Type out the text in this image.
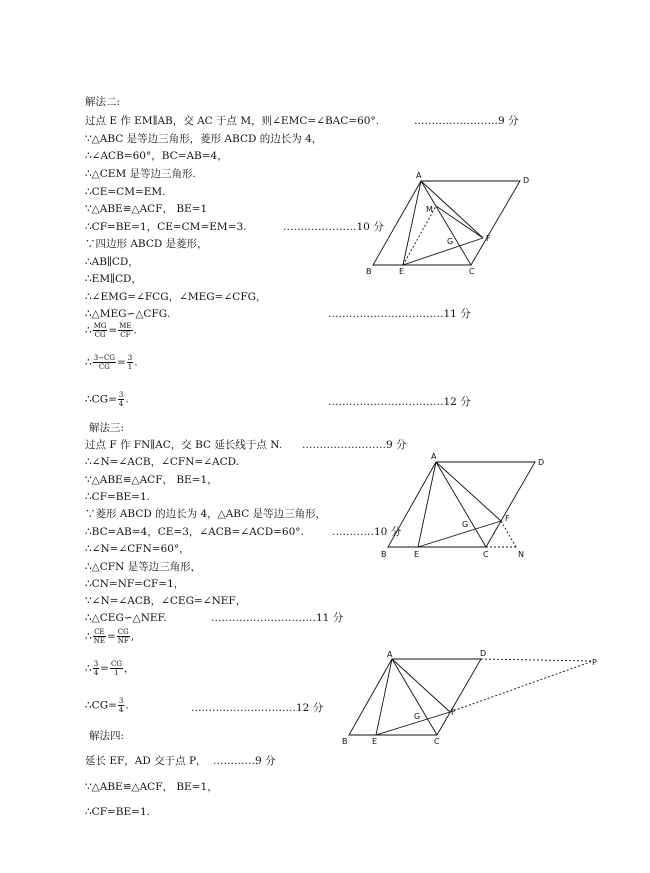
解法二:
过点 E 作 EM∥AB，交 AC 于点 M，则∠EMC=∠BAC=60°.	……………………9 分
∵△ABC 是等边三角形，菱形 ABCD 的边长为 4，
∴∠ACB=60°，BC=AB=4，
∴△CEM 是等边三角形.
∴CE=CM=EM.
∵△ABE≌△ACF， BE=1
∴CF=BE=1，CE=CM=EM=3.	…………………10 分
∵四边形 ABCD 是菱形，
∴AB∥CD，
∴EM∥CD，
∴∠EMG=∠FCG，∠MEG=∠CFG，
∴△MEG∽△CFG.	……………………………11 分
∴ $\frac{MG}{CG} = \frac{ME}{CF}$ .
∴ $\frac{3-CG}{CG} = \frac{3}{1}$ .
∴CG= $\frac{3}{4}$ .	……………………………12 分
解法三:
过点 F 作 FN∥AC，交 BC 延长线于点 N. ……………………9 分
∴∠N=∠ACB，∠CFN=∠ACD.
∵△ABE≌△ACF， BE=1，
∴CF=BE=1.
∵菱形 ABCD 的边长为 4，△ABC 是等边三角形，
∴BC=AB=4，CE=3，∠ACB=∠ACD=60°.	…………10 分
∴∠N=∠CFN=60°，
∴△CFN 是等边三角形，
∴CN=NF=CF=1，
∵∠N=∠ACB，∠CEG=∠NEF，
∴△CEG∽△NEF.	…………………………11 分
∴ $\frac{CE}{NE} = \frac{CG}{NF}$ ,
∴ $\frac{3}{4} = \frac{CG}{1}$ ，
∴CG= $\frac{3}{4}$ .	…………………………12 分
解法四:
延长 EF，AD 交于点 P， …………9 分
∵△ABE≌△ACF， BE=1，
∴CF=BE=1.
A
D
M
G	F
B	E	C
A
D
G
F
B	E	C	N
A	D
P
G	F
B	E	C
